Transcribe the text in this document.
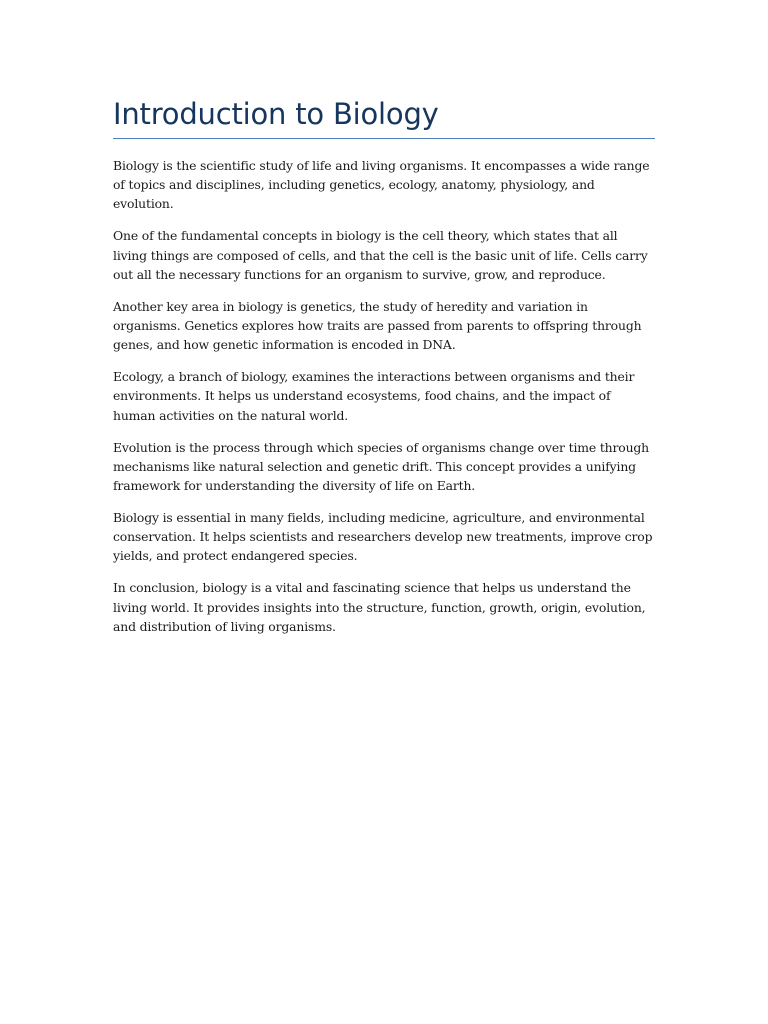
Introduction to Biology

Biology is the scientific study of life and living organisms. It encompasses a wide range of topics and disciplines, including genetics, ecology, anatomy, physiology, and evolution.

One of the fundamental concepts in biology is the cell theory, which states that all living things are composed of cells, and that the cell is the basic unit of life. Cells carry out all the necessary functions for an organism to survive, grow, and reproduce.

Another key area in biology is genetics, the study of heredity and variation in organisms. Genetics explores how traits are passed from parents to offspring through genes, and how genetic information is encoded in DNA.

Ecology, a branch of biology, examines the interactions between organisms and their environments. It helps us understand ecosystems, food chains, and the impact of human activities on the natural world.

Evolution is the process through which species of organisms change over time through mechanisms like natural selection and genetic drift. This concept provides a unifying framework for understanding the diversity of life on Earth.

Biology is essential in many fields, including medicine, agriculture, and environmental conservation. It helps scientists and researchers develop new treatments, improve crop yields, and protect endangered species.

In conclusion, biology is a vital and fascinating science that helps us understand the living world. It provides insights into the structure, function, growth, origin, evolution, and distribution of living organisms.
